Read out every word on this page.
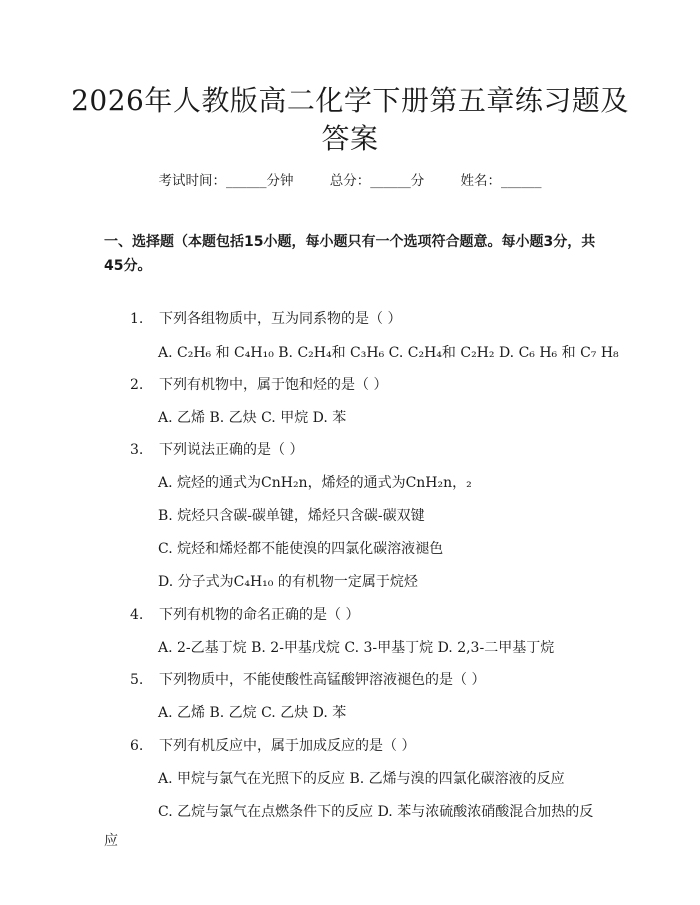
2026年人教版高二化学下册第五章练习题及答案
考试时间：______分钟	总分：______分	姓名：______
一、选择题（本题包括15小题，每小题只有一个选项符合题意。每小题3分，共45分。
1. 下列各组物质中，互为同系物的是（ ）
A. C₂H₆ 和 C₄H₁₀ B. C₂H₄和 C₃H₆ C. C₂H₄和 C₂H₂ D. C₆ H₆ 和 C₇ H₈
2. 下列有机物中，属于饱和烃的是（ ）
A. 乙烯 B. 乙炔 C. 甲烷 D. 苯
3. 下列说法正确的是（ ）
A. 烷烃的通式为CnH₂n，烯烃的通式为CnH₂n，₂
B. 烷烃只含碳-碳单键，烯烃只含碳-碳双键
C. 烷烃和烯烃都不能使溴的四氯化碳溶液褪色
D. 分子式为C₄H₁₀ 的有机物一定属于烷烃
4. 下列有机物的命名正确的是（ ）
A. 2-乙基丁烷 B. 2-甲基戊烷 C. 3-甲基丁烷 D. 2,3-二甲基丁烷
5. 下列物质中，不能使酸性高锰酸钾溶液褪色的是（ ）
A. 乙烯 B. 乙烷 C. 乙炔 D. 苯
6. 下列有机反应中，属于加成反应的是（ ）
A. 甲烷与氯气在光照下的反应 B. 乙烯与溴的四氯化碳溶液的反应
C. 乙烷与氯气在点燃条件下的反应 D. 苯与浓硫酸浓硝酸混合加热的反
应
